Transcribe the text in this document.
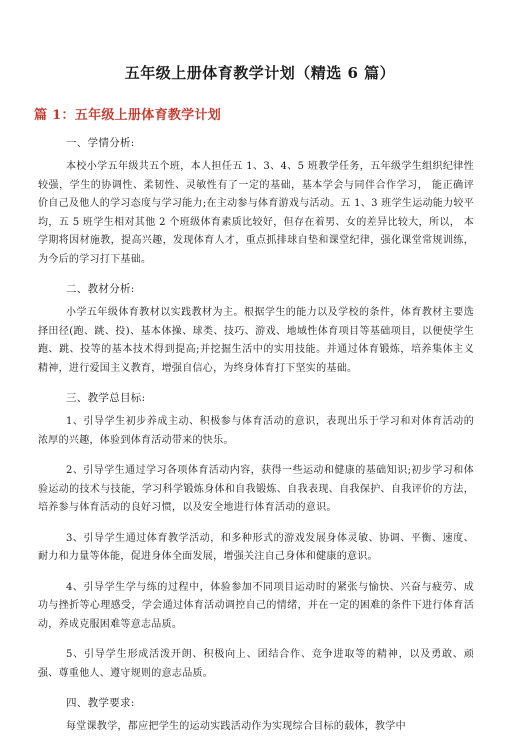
五年级上册体育教学计划（精选 6 篇）
篇 1：五年级上册体育教学计划
一、学情分析:

本校小学五年级共五个班，本人担任五 1、3、4、5 班教学任务，五年级学生组织纪律性较强，学生的协调性、柔韧性、灵敏性有了一定的基础，基本学会与同伴合作学习， 能正确评价自己及他人的学习态度与学习能力;在主动参与体育游戏与活动。五 1、3 班学生运动能力较平均，五 5 班学生相对其他 2 个班级体育素质比较好，但存在着男、女的差异比较大，所以， 本学期将因材施教，提高兴趣，发现体育人才，重点抓排球自垫和课堂纪律，强化课堂常规训练，为今后的学习打下基础。

二、教材分析:

小学五年级体育教材以实践教材为主。根据学生的能力以及学校的条件，体育教材主要选择田径(跑、跳、投)、基本体操、球类、技巧、游戏、地域性体育项目等基础项目，以便使学生跑、跳、投等的基本技术得到提高;并挖掘生活中的实用技能。并通过体育锻炼，培养集体主义精神，进行爱国主义教育，增强自信心，为终身体育打下坚实的基础。

三、教学总目标:

1、引导学生初步养成主动、积极参与体育活动的意识，表现出乐于学习和对体育活动的浓厚的兴趣，体验到体育活动带来的快乐。

2、引导学生通过学习各项体育活动内容，获得一些运动和健康的基础知识;初步学习和体验运动的技术与技能，学习科学锻炼身体和自我锻炼、自我表现、自我保护、自我评价的方法，培养参与体育活动的良好习惯，以及安全地进行体育活动的意识。

3、引导学生通过体育教学活动，和多种形式的游戏发展身体灵敏、协调、平衡、速度、耐力和力量等体能，促进身体全面发展，增强关注自己身体和健康的意识。

4、引导学生学与练的过程中，体验参加不同项目运动时的紧张与愉快、兴奋与疲劳、成功与挫折等心理感受，学会通过体育活动调控自己的情绪，并在一定的困难的条件下进行体育活动，养成克服困难等意志品质。

5、引导学生形成活泼开朗、积极向上、团结合作、竞争进取等的精神，以及勇敢、顽强、尊重他人、遵守规则的意志品质。

四、教学要求:

每堂课教学，都应把学生的运动实践活动作为实现综合目标的载体，教学中
